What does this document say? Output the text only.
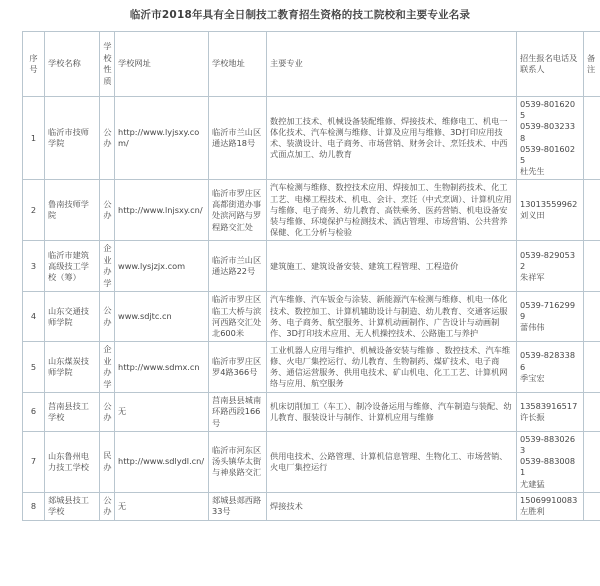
临沂市2018年具有全日制技工教育招生资格的技工院校和主要专业名录
序号	学校名称	学校性质	学校网址	学校地址	主要专业	招生报名电话及联系人	备注

1	临沂市技师学院	公办	http://www.lyjsxy.com/	临沂市兰山区通达路18号	数控加工技术、机械设备装配维修、焊接技术、维修电工、机电一体化技术、汽车检测与维修、计算及应用与维修、3D打印应用技术、装潢设计、电子商务、市场营销、财务会计、烹饪技术、中西式面点加工、幼儿教育	0539-8016205
0539-8032338
0539-8016025
杜先生	
2	鲁南技师学院	公办	http://www.lnjsxy.cn/	临沂市罗庄区高都街道办事处滨河路与罗程路交汇处	汽车检测与维修、数控技术应用、焊接加工、生物制药技术、化工工艺、电梯工程技术、机电、会计、烹饪（中式烹调）、计算机应用与维修、电子商务、幼儿教育、高铁乘务、医药营销、机电设备安装与维修、环境保护与检测技术、酒店管理、市场营销、公共营养保健、化工分析与检验	13013559962
刘义田	
3	临沂市建筑高级技工学校（筹）	企业办学	www.lysjzjx.com	临沂市兰山区通达路22号	建筑施工、建筑设备安装、建筑工程管理、工程造价	0539-8290532
朱祥军	
4	山东交通技师学院	公办	www.sdjtc.cn	临沂市罗庄区临工大桥与滨河西路交汇处北600米	汽车维修、汽车钣金与涂装、新能源汽车检测与维修、机电一体化技术、数控加工、计算机辅助设计与制造、幼儿教育、交通客运服务、电子商务、航空服务、计算机动画制作、广告设计与动画制作、3D打印技术应用、无人机操控技术、公路施工与养护	0539-7162999
蕾伟伟	
5	山东煤炭技师学院	企业办学	http://www.sdmx.cn	临沂市罗庄区罗4路366号	工业机器人应用与维护、机械设备安装与维修 、数控技术、汽车维修、火电厂集控运行、幼儿教育、生物制药、煤矿技术、电子商务、通信运营服务、供用电技术、矿山机电、化工工艺、计算机网络与应用、航空服务	0539-8283386
季宝宏	
6	莒南县技工学校	公办	无	莒南县县城南环路西段166号	机床切削加工（车工）、制冷设备运用与维修、汽车制造与装配、幼儿教育、服装设计与制作、计算机应用与维修	13583916517
许长振	
7	山东鲁州电力技工学校	民办	http://www.sdlydl.cn/	临沂市河东区汤头镇华太街与神泉路交汇	供用电技术、公路管理、计算机信息管理、生物化工、市场营销、火电厂集控运行	0539-8830263
0539-8830081
尤建猛	
8	郯城县技工学校	公办	无	郯城县郯西路33号	焊接技术	15069910083
左胜利	
